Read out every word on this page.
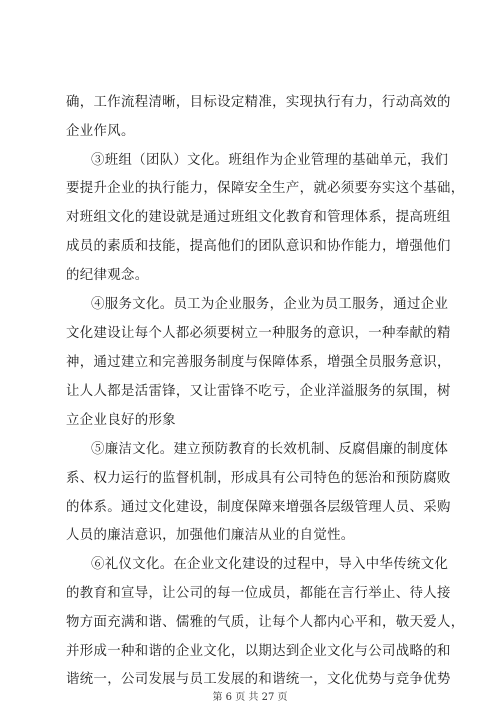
确，工作流程清晰，目标设定精准，实现执行有力，行动高效的
企业作风。
③班组（团队）文化。班组作为企业管理的基础单元，我们
要提升企业的执行能力，保障安全生产，就必须要夯实这个基础，
对班组文化的建设就是通过班组文化教育和管理体系，提高班组
成员的素质和技能，提高他们的团队意识和协作能力，增强他们
的纪律观念。
④服务文化。员工为企业服务，企业为员工服务，通过企业
文化建设让每个人都必须要树立一种服务的意识，一种奉献的精
神，通过建立和完善服务制度与保障体系，增强全员服务意识，
让人人都是活雷锋，又让雷锋不吃亏，企业洋溢服务的氛围，树
立企业良好的形象
⑤廉洁文化。建立预防教育的长效机制、反腐倡廉的制度体
系、权力运行的监督机制，形成具有公司特色的惩治和预防腐败
的体系。通过文化建设，制度保障来增强各层级管理人员、采购
人员的廉洁意识，加强他们廉洁从业的自觉性。
⑥礼仪文化。在企业文化建设的过程中，导入中华传统文化
的教育和宣导，让公司的每一位成员，都能在言行举止、待人接
物方面充满和谐、儒雅的气质，让每个人都内心平和，敬天爱人，
并形成一种和谐的企业文化，以期达到企业文化与公司战略的和
谐统一，公司发展与员工发展的和谐统一，文化优势与竞争优势
第 6 页 共 27 页
